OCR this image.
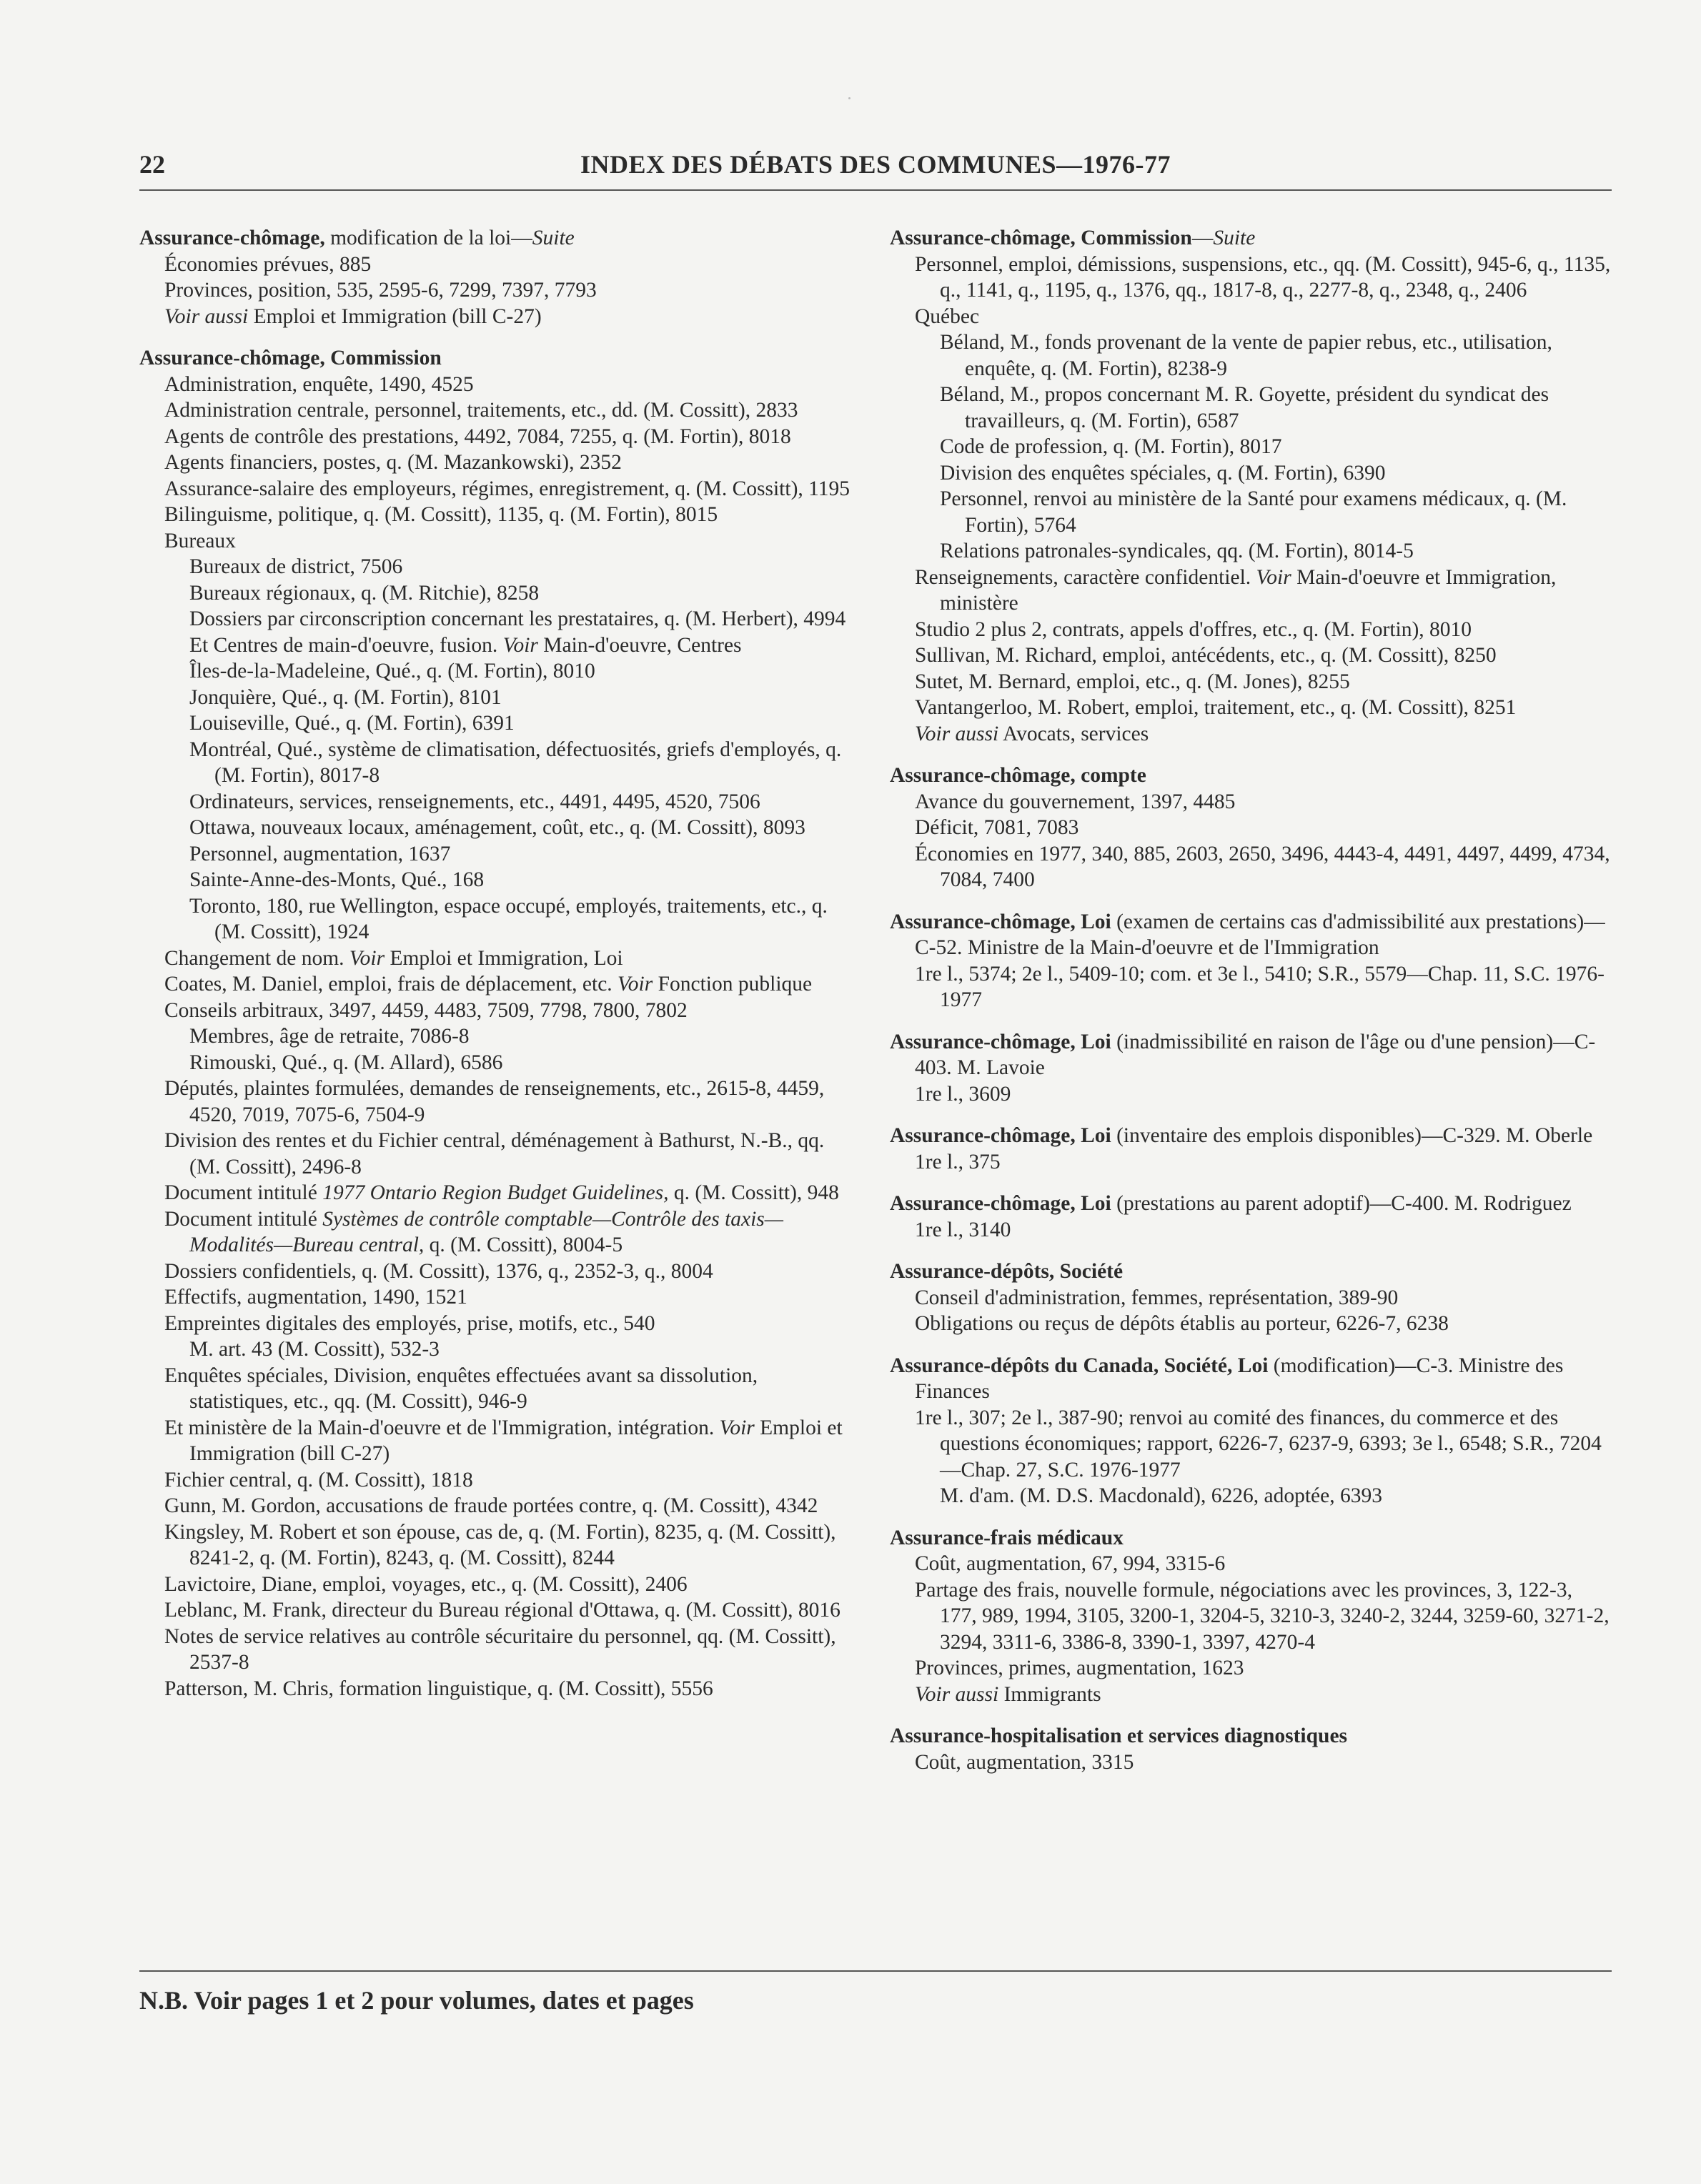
22	INDEX DES DÉBATS DES COMMUNES—1976-77
Assurance-chômage, modification de la loi—Suite
Économies prévues, 885
Provinces, position, 535, 2595-6, 7299, 7397, 7793
Voir aussi Emploi et Immigration (bill C-27)
Assurance-chômage, Commission
Administration, enquête, 1490, 4525
Administration centrale, personnel, traitements, etc., dd. (M. Cossitt), 2833
Agents de contrôle des prestations, 4492, 7084, 7255, q. (M. Fortin), 8018
Agents financiers, postes, q. (M. Mazankowski), 2352
Assurance-salaire des employeurs, régimes, enregistrement, q. (M. Cossitt), 1195
Bilinguisme, politique, q. (M. Cossitt), 1135, q. (M. Fortin), 8015
Bureaux
Bureaux de district, 7506
Bureaux régionaux, q. (M. Ritchie), 8258
Dossiers par circonscription concernant les prestataires, q. (M. Herbert), 4994
Et Centres de main-d'oeuvre, fusion. Voir Main-d'oeuvre, Centres
Îles-de-la-Madeleine, Qué., q. (M. Fortin), 8010
Jonquière, Qué., q. (M. Fortin), 8101
Louiseville, Qué., q. (M. Fortin), 6391
Montréal, Qué., système de climatisation, défectuosités, griefs d'employés, q. (M. Fortin), 8017-8
Ordinateurs, services, renseignements, etc., 4491, 4495, 4520, 7506
Ottawa, nouveaux locaux, aménagement, coût, etc., q. (M. Cossitt), 8093
Personnel, augmentation, 1637
Sainte-Anne-des-Monts, Qué., 168
Toronto, 180, rue Wellington, espace occupé, employés, traitements, etc., q. (M. Cossitt), 1924
Changement de nom. Voir Emploi et Immigration, Loi
Coates, M. Daniel, emploi, frais de déplacement, etc. Voir Fonction publique
Conseils arbitraux, 3497, 4459, 4483, 7509, 7798, 7800, 7802
Membres, âge de retraite, 7086-8
Rimouski, Qué., q. (M. Allard), 6586
Députés, plaintes formulées, demandes de renseignements, etc., 2615-8, 4459, 4520, 7019, 7075-6, 7504-9
Division des rentes et du Fichier central, déménagement à Bathurst, N.-B., qq. (M. Cossitt), 2496-8
Document intitulé 1977 Ontario Region Budget Guidelines, q. (M. Cossitt), 948
Document intitulé Systèmes de contrôle comptable—Contrôle des taxis—Modalités—Bureau central, q. (M. Cossitt), 8004-5
Dossiers confidentiels, q. (M. Cossitt), 1376, q., 2352-3, q., 8004
Effectifs, augmentation, 1490, 1521
Empreintes digitales des employés, prise, motifs, etc., 540
M. art. 43 (M. Cossitt), 532-3
Enquêtes spéciales, Division, enquêtes effectuées avant sa dissolution, statistiques, etc., qq. (M. Cossitt), 946-9
Et ministère de la Main-d'oeuvre et de l'Immigration, intégration. Voir Emploi et Immigration (bill C-27)
Fichier central, q. (M. Cossitt), 1818
Gunn, M. Gordon, accusations de fraude portées contre, q. (M. Cossitt), 4342
Kingsley, M. Robert et son épouse, cas de, q. (M. Fortin), 8235, q. (M. Cossitt), 8241-2, q. (M. Fortin), 8243, q. (M. Cossitt), 8244
Lavictoire, Diane, emploi, voyages, etc., q. (M. Cossitt), 2406
Leblanc, M. Frank, directeur du Bureau régional d'Ottawa, q. (M. Cossitt), 8016
Notes de service relatives au contrôle sécuritaire du personnel, qq. (M. Cossitt), 2537-8
Patterson, M. Chris, formation linguistique, q. (M. Cossitt), 5556
Assurance-chômage, Commission—Suite
Personnel, emploi, démissions, suspensions, etc., qq. (M. Cossitt), 945-6, q., 1135, q., 1141, q., 1195, q., 1376, qq., 1817-8, q., 2277-8, q., 2348, q., 2406
Québec
Béland, M., fonds provenant de la vente de papier rebus, etc., utilisation, enquête, q. (M. Fortin), 8238-9
Béland, M., propos concernant M. R. Goyette, président du syndicat des travailleurs, q. (M. Fortin), 6587
Code de profession, q. (M. Fortin), 8017
Division des enquêtes spéciales, q. (M. Fortin), 6390
Personnel, renvoi au ministère de la Santé pour examens médicaux, q. (M. Fortin), 5764
Relations patronales-syndicales, qq. (M. Fortin), 8014-5
Renseignements, caractère confidentiel. Voir Main-d'oeuvre et Immigration, ministère
Studio 2 plus 2, contrats, appels d'offres, etc., q. (M. Fortin), 8010
Sullivan, M. Richard, emploi, antécédents, etc., q. (M. Cossitt), 8250
Sutet, M. Bernard, emploi, etc., q. (M. Jones), 8255
Vantangerloo, M. Robert, emploi, traitement, etc., q. (M. Cossitt), 8251
Voir aussi Avocats, services
Assurance-chômage, compte
Avance du gouvernement, 1397, 4485
Déficit, 7081, 7083
Économies en 1977, 340, 885, 2603, 2650, 3496, 4443-4, 4491, 4497, 4499, 4734, 7084, 7400
Assurance-chômage, Loi (examen de certains cas d'admissibilité aux prestations)—C-52. Ministre de la Main-d'oeuvre et de l'Immigration
1re l., 5374; 2e l., 5409-10; com. et 3e l., 5410; S.R., 5579—Chap. 11, S.C. 1976-1977
Assurance-chômage, Loi (inadmissibilité en raison de l'âge ou d'une pension)—C-403. M. Lavoie
1re l., 3609
Assurance-chômage, Loi (inventaire des emplois disponibles)—C-329. M. Oberle
1re l., 375
Assurance-chômage, Loi (prestations au parent adoptif)—C-400. M. Rodriguez
1re l., 3140
Assurance-dépôts, Société
Conseil d'administration, femmes, représentation, 389-90
Obligations ou reçus de dépôts établis au porteur, 6226-7, 6238
Assurance-dépôts du Canada, Société, Loi (modification)—C-3. Ministre des Finances
1re l., 307; 2e l., 387-90; renvoi au comité des finances, du commerce et des questions économiques; rapport, 6226-7, 6237-9, 6393; 3e l., 6548; S.R., 7204—Chap. 27, S.C. 1976-1977
M. d'am. (M. D.S. Macdonald), 6226, adoptée, 6393
Assurance-frais médicaux
Coût, augmentation, 67, 994, 3315-6
Partage des frais, nouvelle formule, négociations avec les provinces, 3, 122-3, 177, 989, 1994, 3105, 3200-1, 3204-5, 3210-3, 3240-2, 3244, 3259-60, 3271-2, 3294, 3311-6, 3386-8, 3390-1, 3397, 4270-4
Provinces, primes, augmentation, 1623
Voir aussi Immigrants
Assurance-hospitalisation et services diagnostiques
Coût, augmentation, 3315
N.B. Voir pages 1 et 2 pour volumes, dates et pages
